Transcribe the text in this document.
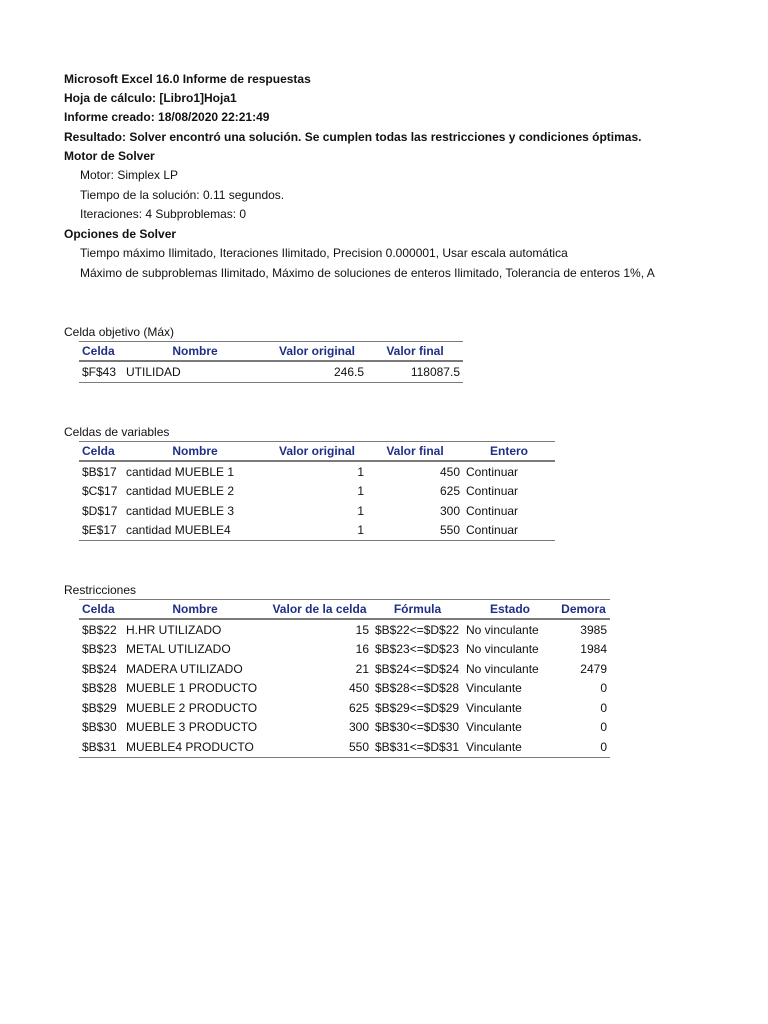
Microsoft Excel 16.0 Informe de respuestas
Hoja de cálculo: [Libro1]Hoja1
Informe creado: 18/08/2020 22:21:49
Resultado: Solver encontró una solución. Se cumplen todas las restricciones y condiciones óptimas.
Motor de Solver
Motor: Simplex LP
Tiempo de la solución: 0.11 segundos.
Iteraciones: 4 Subproblemas: 0
Opciones de Solver
Tiempo máximo Ilimitado, Iteraciones Ilimitado, Precision 0.000001, Usar escala automática
Máximo de subproblemas Ilimitado, Máximo de soluciones de enteros Ilimitado, Tolerancia de enteros 1%, A
Celda objetivo (Máx)
Celda	Nombre	Valor original	Valor final
$F$43	UTILIDAD	246.5	118087.5
Celdas de variables
Celda	Nombre	Valor original	Valor final	Entero
$B$17	cantidad MUEBLE 1	1	450	Continuar
$C$17	cantidad MUEBLE 2	1	625	Continuar
$D$17	cantidad MUEBLE 3	1	300	Continuar
$E$17	cantidad MUEBLE4	1	550	Continuar
Restricciones
Celda	Nombre	Valor de la celda	Fórmula	Estado	Demora
$B$22	H.HR UTILIZADO	15	$B$22<=$D$22	No vinculante	3985
$B$23	METAL UTILIZADO	16	$B$23<=$D$23	No vinculante	1984
$B$24	MADERA UTILIZADO	21	$B$24<=$D$24	No vinculante	2479
$B$28	MUEBLE 1 PRODUCTO	450	$B$28<=$D$28	Vinculante	0
$B$29	MUEBLE 2 PRODUCTO	625	$B$29<=$D$29	Vinculante	0
$B$30	MUEBLE 3 PRODUCTO	300	$B$30<=$D$30	Vinculante	0
$B$31	MUEBLE4 PRODUCTO	550	$B$31<=$D$31	Vinculante	0
